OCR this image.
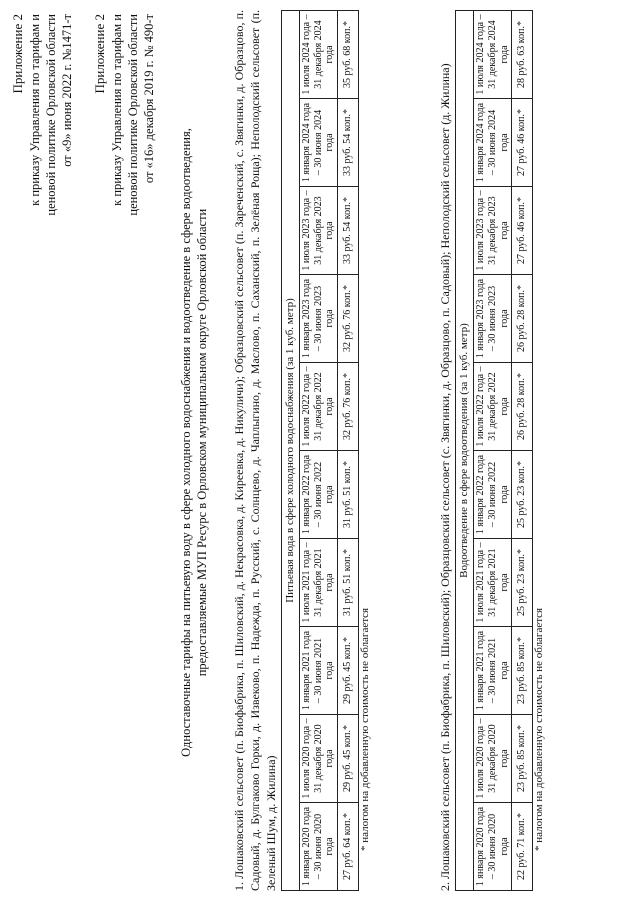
Приложение 2 к приказу Управления по тарифам и ценовой политике Орловской области от «9» июня 2022 г. №1471-т Приложение 2 к приказу Управления по тарифам и ценовой политике Орловской области от «16» декабря 2019 г. № 490-т
Одноставочные тарифы на питьевую воду в сфере холодного водоснабжения и водоотведение в сфере водоотведения, предоставляемые МУП Ресурс в Орловском муниципальном округе Орловской области 1. Лошаковский сельсовет (п. Биофабрика, п. Шиловский, д. Некрасовка, д. Киреевка, д. Никуличи); Образцовский сельсовет (п. Зареченский, с. Звягинки, д. Образцово, п. Садовый, д. Булгаково Горки, д. Извеково, п. Надежда, п. Русский, с. Солнцево, д. Чаплыгино, д. Маслово, п. Саханский, п. Зелёная Роща); Неполодский сельсовет (п. Зеленый Шум, д. Жилина)
Питьевая вода в сфере холодного водоснабжения (за 1 куб. метр)									
1 января 2020 года – 30 июня 2020 года	1 июля 2020 года – 31 декабря 2020 года	1 января 2021 года – 30 июня 2021 года	1 июля 2021 года – 31 декабря 2021 года	1 января 2022 года – 30 июня 2022 года	1 июля 2022 года – 31 декабря 2022 года	1 января 2023 года – 30 июня 2023 года	1 июля 2023 года – 31 декабря 2023 года	1 января 2024 года – 30 июня 2024 года	1 июля 2024 года – 31 декабря 2024 года
27 руб. 64 коп.*	29 руб. 45 коп.*	29 руб. 45 коп.*	31 руб. 51 коп.*	31 руб. 51 коп.*	32 руб. 76 коп.*	32 руб. 76 коп.*	33 руб. 54 коп.*	33 руб. 54 коп.*	35 руб. 68 коп.*
* налогом на добавленную стоимость не облагается	2. Лошаковский сельсовет (п. Биофабрика, п. Шиловский); Образцовский сельсовет (с. Звягинки, д. Образцово, п. Садовый); Неполодский сельсовет (д. Жилина) Водоотведение в сфере водоотведения (за 1 куб. метр)									
1 января 2020 года – 30 июня 2020 года	1 июля 2020 года – 31 декабря 2020 года	1 января 2021 года – 30 июня 2021 года	1 июля 2021 года – 31 декабря 2021 года	1 января 2022 года – 30 июня 2022 года	1 июля 2022 года – 31 декабря 2022 года	1 января 2023 года – 30 июня 2023 года	1 июля 2023 года – 31 декабря 2023 года	1 января 2024 года – 30 июня 2024 года	1 июля 2024 года – 31 декабря 2024 года
22 руб. 71 коп.*	23 руб. 85 коп.*	23 руб. 85 коп.*	25 руб. 23 коп.*	25 руб. 23 коп.*	26 руб. 28 коп.*	26 руб. 28 коп.*	27 руб. 46 коп.*	27 руб. 46 коп.*	28 руб. 63 коп.*
* налогом на добавленную стоимость не облагается
